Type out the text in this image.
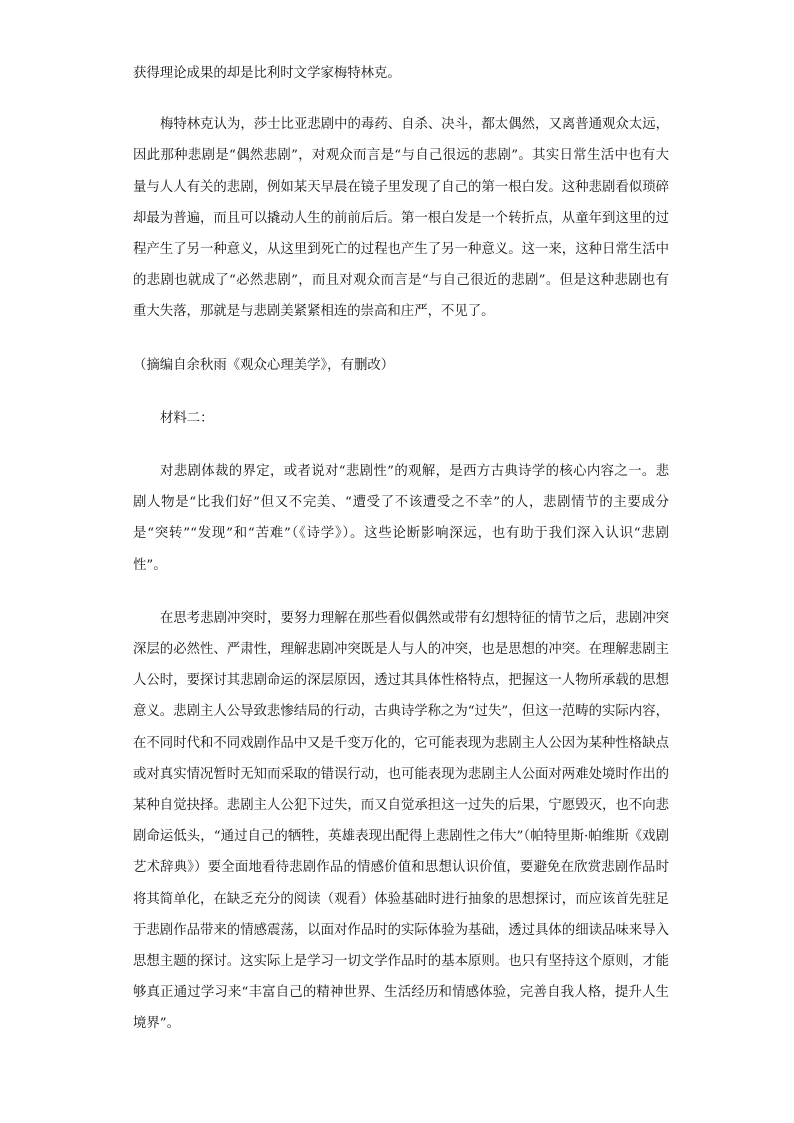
获得理论成果的却是比利时文学家梅特林克。

梅特林克认为，莎士比亚悲剧中的毒药、自杀、决斗，都太偶然，又离普通观众太远，因此那种悲剧是“偶然悲剧”，对观众而言是“与自己很远的悲剧”。其实日常生活中也有大量与人人有关的悲剧，例如某天早晨在镜子里发现了自己的第一根白发。这种悲剧看似琐碎却最为普遍，而且可以撬动人生的前前后后。第一根白发是一个转折点，从童年到这里的过程产生了另一种意义，从这里到死亡的过程也产生了另一种意义。这一来，这种日常生活中的悲剧也就成了“必然悲剧”，而且对观众而言是“与自己很近的悲剧”。但是这种悲剧也有重大失落，那就是与悲剧美紧紧相连的崇高和庄严，不见了。

（摘编自余秋雨《观众心理美学》，有删改）

材料二：

对悲剧体裁的界定，或者说对“悲剧性”的观解，是西方古典诗学的核心内容之一。悲剧人物是“比我们好”但又不完美、“遭受了不该遭受之不幸”的人，悲剧情节的主要成分是“突转”“发现”和“苦难”（《诗学》）。这些论断影响深远，也有助于我们深入认识“悲剧性”。

在思考悲剧冲突时，要努力理解在那些看似偶然或带有幻想特征的情节之后，悲剧冲突深层的必然性、严肃性，理解悲剧冲突既是人与人的冲突，也是思想的冲突。在理解悲剧主人公时，要探讨其悲剧命运的深层原因，透过其具体性格特点，把握这一人物所承载的思想意义。悲剧主人公导致悲惨结局的行动，古典诗学称之为“过失”，但这一范畴的实际内容，在不同时代和不同戏剧作品中又是千变万化的，它可能表现为悲剧主人公因为某种性格缺点或对真实情况暂时无知而采取的错误行动，也可能表现为悲剧主人公面对两难处境时作出的某种自觉抉择。悲剧主人公犯下过失，而又自觉承担这一过失的后果，宁愿毁灭，也不向悲剧命运低头，“通过自己的牺牲，英雄表现出配得上悲剧性之伟大”（帕特里斯·帕维斯《戏剧艺术辞典》）要全面地看待悲剧作品的情感价值和思想认识价值，要避免在欣赏悲剧作品时将其简单化，在缺乏充分的阅读（观看）体验基础时进行抽象的思想探讨，而应该首先驻足于悲剧作品带来的情感震荡，以面对作品时的实际体验为基础，透过具体的细读品味来导入思想主题的探讨。这实际上是学习一切文学作品时的基本原则。也只有坚持这个原则，才能够真正通过学习来“丰富自己的精神世界、生活经历和情感体验，完善自我人格，提升人生境界”。
